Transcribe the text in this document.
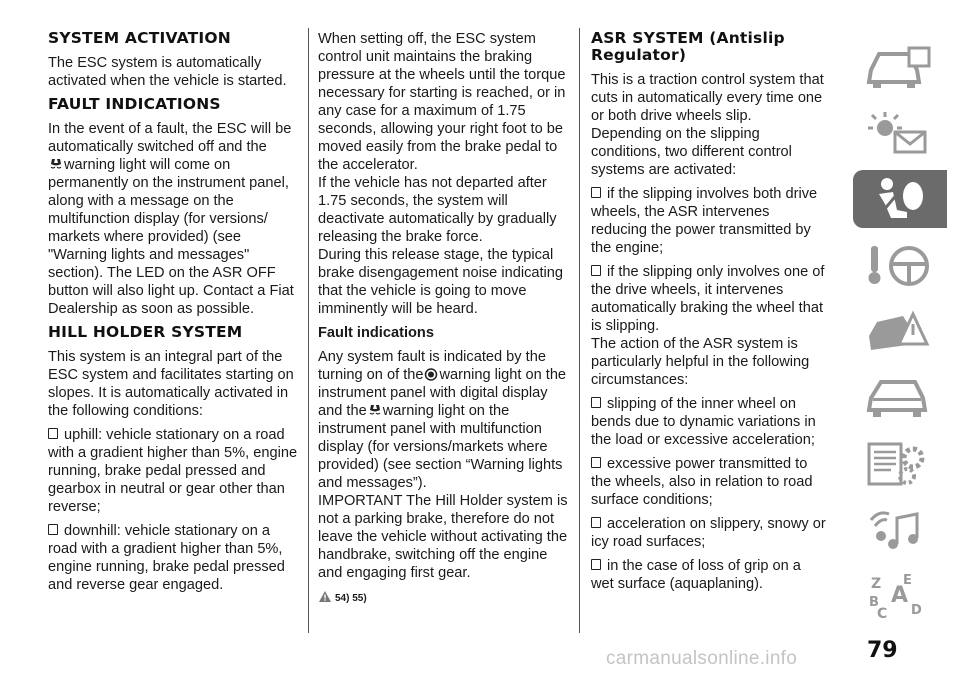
SYSTEM ACTIVATION

The ESC system is automatically activated when the vehicle is started.

FAULT INDICATIONS

In the event of a fault, the ESC will be automatically switched off and the
warning light will come on permanently on the instrument panel, along with a message on the multifunction display (for versions/ markets where provided) (see "Warning lights and messages" section). The LED on the ASR OFF button will also light up. Contact a Fiat Dealership as soon as possible.

HILL HOLDER SYSTEM

This system is an integral part of the ESC system and facilitates starting on slopes. It is automatically activated in the following conditions:

uphill: vehicle stationary on a road with a gradient higher than 5%, engine running, brake pedal pressed and gearbox in neutral or gear other than reverse;
downhill: vehicle stationary on a road with a gradient higher than 5%, engine running, brake pedal pressed and reverse gear engaged.

When setting off, the ESC system control unit maintains the braking pressure at the wheels until the torque necessary for starting is reached, or in any case for a maximum of 1.75 seconds, allowing your right foot to be moved easily from the brake pedal to the accelerator.

If the vehicle has not departed after 1.75 seconds, the system will deactivate automatically by gradually releasing the brake force.

During this release stage, the typical brake disengagement noise indicating that the vehicle is going to move imminently will be heard.

Fault indications

Any system fault is indicated by the turning on of the warning light on the instrument panel with digital display and the warning light on the instrument panel with multifunction display (for versions/markets where provided) (see section “Warning lights and messages”).

IMPORTANT The Hill Holder system is not a parking brake, therefore do not leave the vehicle without activating the handbrake, switching off the engine and engaging first gear.

54) 55)
ASR SYSTEM (Antislip Regulator)

This is a traction control system that cuts in automatically every time one or both drive wheels slip.

Depending on the slipping conditions, two different control systems are activated:

if the slipping involves both drive wheels, the ASR intervenes reducing the power transmitted by the engine;
if the slipping only involves one of the drive wheels, it intervenes automatically braking the wheel that is slipping.

The action of the ASR system is particularly helpful in the following circumstances:

slipping of the inner wheel on bends due to dynamic variations in the load or excessive acceleration;
excessive power transmitted to the wheels, also in relation to road surface conditions;
acceleration on slippery, snowy or icy road surfaces;
in the case of loss of grip on a wet surface (aquaplaning).	Z E
A
B
C D
79
carmanualsonline.info
